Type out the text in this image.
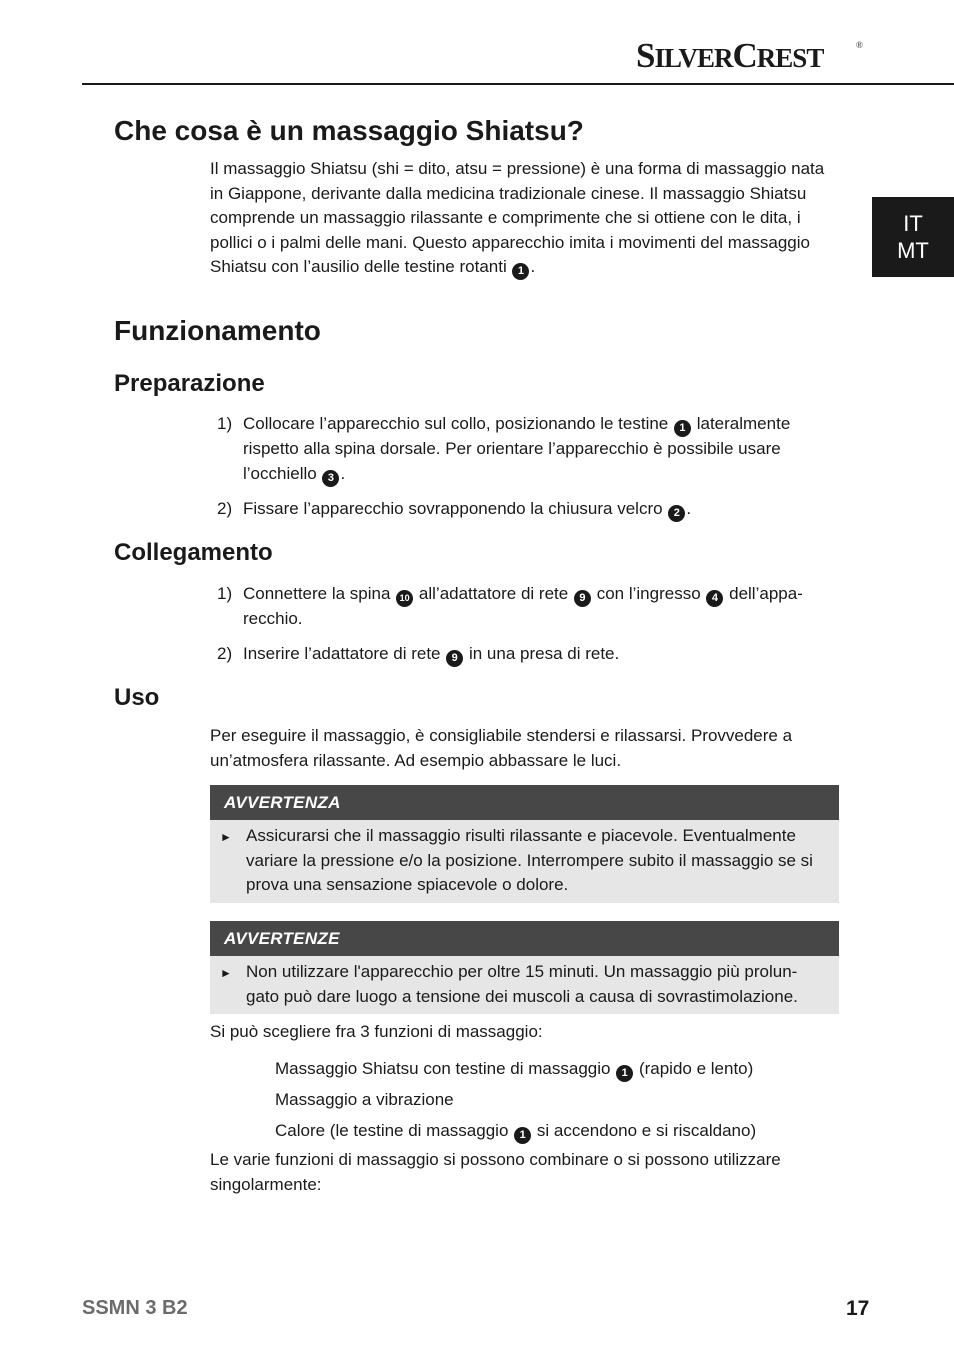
SILVERCREST	®
IT
MT
Che cosa è un massaggio Shiatsu?

Il massaggio Shiatsu (shi = dito, atsu = pressione) è una forma di massaggio nata in Giappone, derivante dalla medicina tradizionale cinese. Il massaggio Shiatsu comprende un massaggio rilassante e comprimente che si ottiene con le dita, i pollici o i palmi delle mani. Questo apparecchio imita i movimenti del massaggio Shiatsu con l’ausilio delle testine rotanti 1 .

Funzionamento
Preparazione
1) Collocare l’apparecchio sul collo, posizionando le testine 1 lateralmente rispetto alla spina dorsale. Per orientare l’apparecchio è possibile usare l’occhiello 3 .
2) Fissare l’apparecchio sovrapponendo la chiusura velcro 2 .
Collegamento
1) Connettere la spina 10 all’adattatore di rete 9 con l’ingresso 4 dell’appa-recchio.
2) Inserire l’adattatore di rete 9 in una presa di rete.
Uso

Per eseguire il massaggio, è consigliabile stendersi e rilassarsi. Provvedere a un’atmosfera rilassante. Ad esempio abbassare le luci.

AVVERTENZA
► Assicurarsi che il massaggio risulti rilassante e piacevole. Eventualmente variare la pressione e/o la posizione. Interrompere subito il massaggio se si prova una sensazione spiacevole o dolore.
AVVERTENZE
► Non utilizzare l'apparecchio per oltre 15 minuti. Un massaggio più prolun-gato può dare luogo a tensione dei muscoli a causa di sovrastimolazione.

Si può scegliere fra 3 funzioni di massaggio:

Massaggio Shiatsu con testine di massaggio 1 (rapido e lento)
Massaggio a vibrazione
Calore (le testine di massaggio 1 si accendono e si riscaldano)

Le varie funzioni di massaggio si possono combinare o si possono utilizzare singolarmente:

SSMN 3 B2	17
